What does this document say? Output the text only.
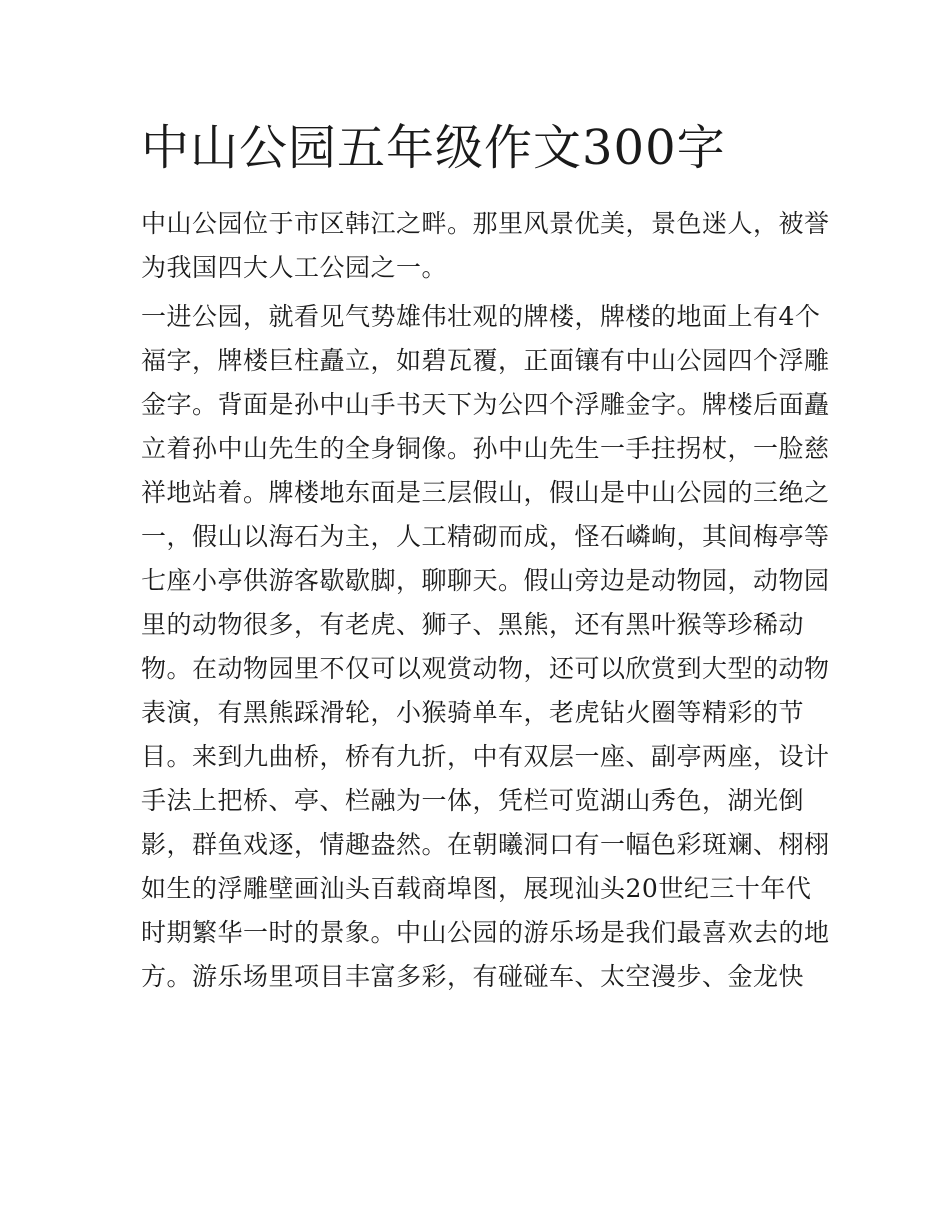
中山公园五年级作文300字
中山公园位于市区韩江之畔。那里风景优美，景色迷人，被誉
为我国四大人工公园之一。
一进公园，就看见气势雄伟壮观的牌楼，牌楼的地面上有4个
福字，牌楼巨柱矗立，如碧瓦覆，正面镶有中山公园四个浮雕
金字。背面是孙中山手书天下为公四个浮雕金字。牌楼后面矗
立着孙中山先生的全身铜像。孙中山先生一手拄拐杖，一脸慈
祥地站着。牌楼地东面是三层假山，假山是中山公园的三绝之
一，假山以海石为主，人工精砌而成，怪石嶙峋，其间梅亭等
七座小亭供游客歇歇脚，聊聊天。假山旁边是动物园，动物园
里的动物很多，有老虎、狮子、黑熊，还有黑叶猴等珍稀动
物。在动物园里不仅可以观赏动物，还可以欣赏到大型的动物
表演，有黑熊踩滑轮，小猴骑单车，老虎钻火圈等精彩的节
目。来到九曲桥，桥有九折，中有双层一座、副亭两座，设计
手法上把桥、亭、栏融为一体，凭栏可览湖山秀色，湖光倒
影，群鱼戏逐，情趣盎然。在朝曦洞口有一幅色彩斑斓、栩栩
如生的浮雕壁画汕头百载商埠图，展现汕头20世纪三十年代
时期繁华一时的景象。中山公园的游乐场是我们最喜欢去的地
方。游乐场里项目丰富多彩，有碰碰车、太空漫步、金龙快
